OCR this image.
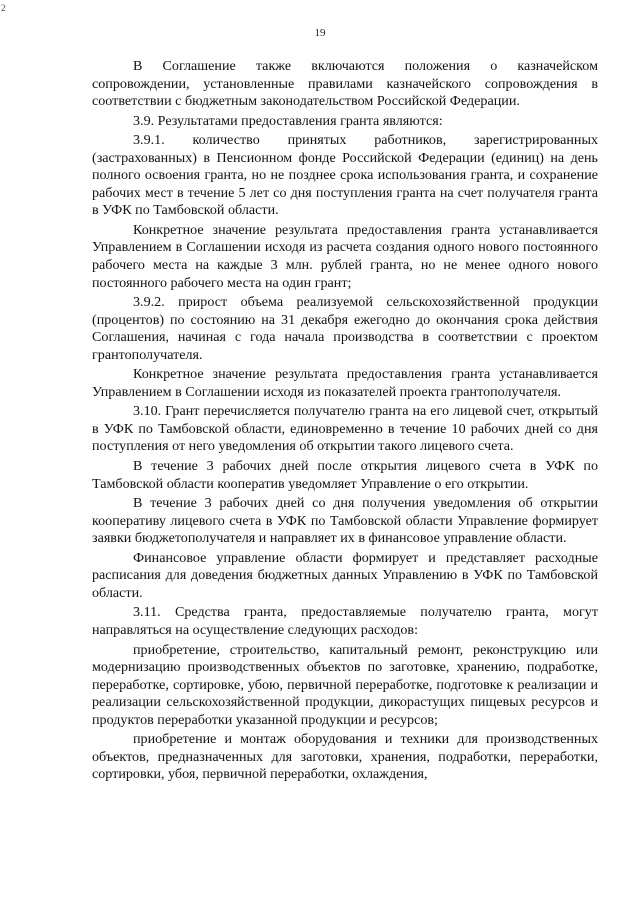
2
19

В Соглашение также включаются положения о казначейском сопровождении, установленные правилами казначейского сопровождения в соответствии с бюджетным законодательством Российской Федерации.

3.9. Результатами предоставления гранта являются:

3.9.1. количество принятых работников, зарегистрированных (застрахованных) в Пенсионном фонде Российской Федерации (единиц) на день полного освоения гранта, но не позднее срока использования гранта, и сохранение рабочих мест в течение 5 лет со дня поступления гранта на счет получателя гранта в УФК по Тамбовской области.

Конкретное значение результата предоставления гранта устанавливается Управлением в Соглашении исходя из расчета создания одного нового постоянного рабочего места на каждые 3 млн. рублей гранта, но не менее одного нового постоянного рабочего места на один грант;

3.9.2. прирост объема реализуемой сельскохозяйственной продукции (процентов) по состоянию на 31 декабря ежегодно до окончания срока действия Соглашения, начиная с года начала производства в соответствии с проектом грантополучателя.

Конкретное значение результата предоставления гранта устанавливается Управлением в Соглашении исходя из показателей проекта грантополучателя.

3.10. Грант перечисляется получателю гранта на его лицевой счет, открытый в УФК по Тамбовской области, единовременно в течение 10 рабочих дней со дня поступления от него уведомления об открытии такого лицевого счета.

В течение 3 рабочих дней после открытия лицевого счета в УФК по Тамбовской области кооператив уведомляет Управление о его открытии.

В течение 3 рабочих дней со дня получения уведомления об открытии кооперативу лицевого счета в УФК по Тамбовской области Управление формирует заявки бюджетополучателя и направляет их в финансовое управление области.

Финансовое управление области формирует и представляет расходные расписания для доведения бюджетных данных Управлению в УФК по Тамбовской области.

3.11. Средства гранта, предоставляемые получателю гранта, могут направляться на осуществление следующих расходов:

приобретение, строительство, капитальный ремонт, реконструкцию или модернизацию производственных объектов по заготовке, хранению, подработке, переработке, сортировке, убою, первичной переработке, подготовке к реализации и реализации сельскохозяйственной продукции, дикорастущих пищевых ресурсов и продуктов переработки указанной продукции и ресурсов;

приобретение и монтаж оборудования и техники для производственных объектов, предназначенных для заготовки, хранения, подработки, переработки, сортировки, убоя, первичной переработки, охлаждения,
